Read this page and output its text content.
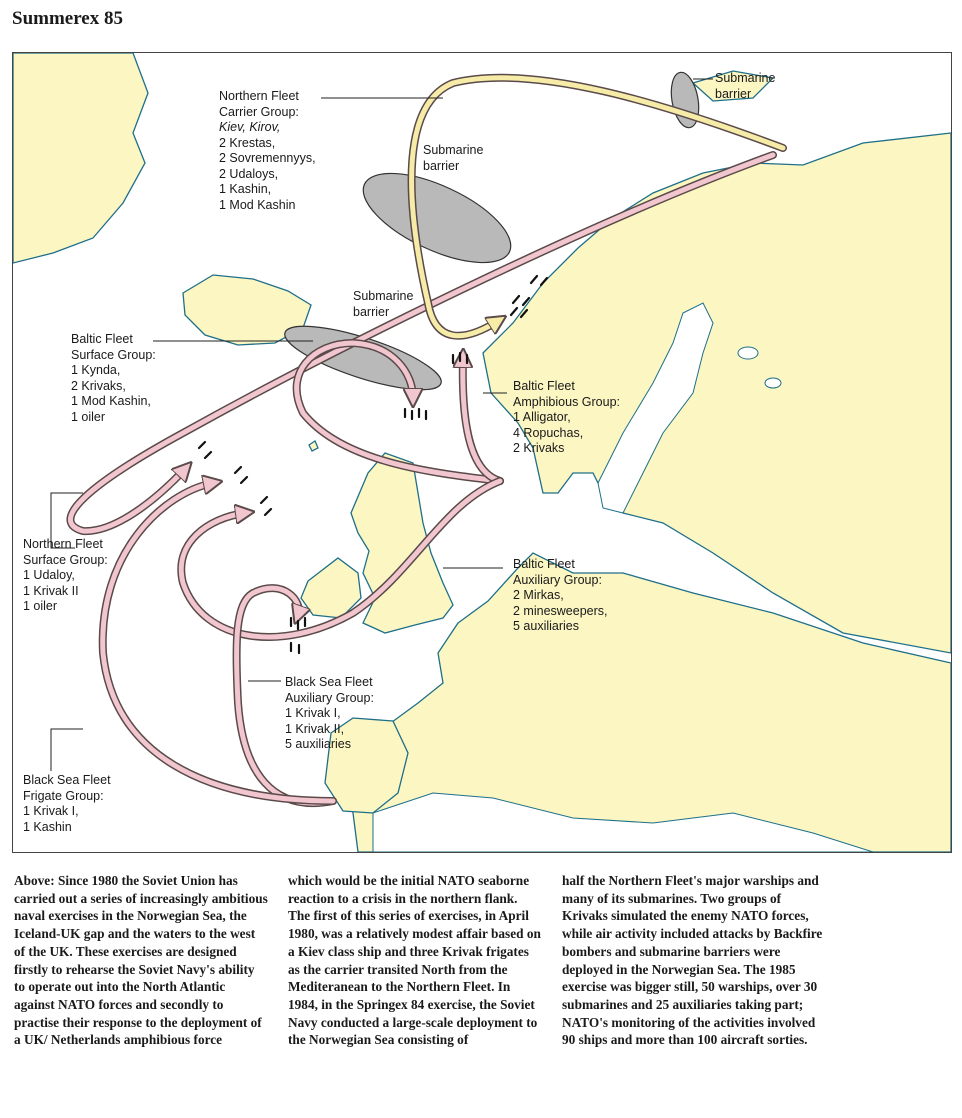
Summerex 85
Northern Fleet
Carrier Group:
Kiev, Kirov,
2 Krestas,
2 Sovremennyys,
2 Udaloys,
1 Kashin,
1 Mod Kashin
Submarine
barrier
Submarine
barrier
Submarine
barrier
Baltic Fleet
Surface Group:
1 Kynda,
2 Krivaks,
1 Mod Kashin,
1 oiler
Baltic Fleet
Amphibious Group:
1 Alligator,
4 Ropuchas,
2 Krivaks
Northern Fleet
Surface Group:
1 Udaloy,
1 Krivak II
1 oiler
Baltic Fleet
Auxiliary Group:
2 Mirkas,
2 minesweepers,
5 auxiliaries
Black Sea Fleet
Auxiliary Group:
1 Krivak I,
1 Krivak II,
5 auxiliaries
Black Sea Fleet
Frigate Group:
1 Krivak I,
1 Kashin

Above: Since 1980 the Soviet Union has carried out a series of increasingly ambitious naval exercises in the Norwegian Sea, the Iceland-UK gap and the waters to the west of the UK. These exercises are designed firstly to rehearse the Soviet Navy's ability to operate out into the North Atlantic against NATO forces and secondly to practise their response to the deployment of a UK/ Netherlands amphibious force

which would be the initial NATO seaborne reaction to a crisis in the northern flank. The first of this series of exercises, in April 1980, was a relatively modest affair based on a Kiev class ship and three Krivak frigates as the carrier transited North from the Mediteranean to the Northern Fleet. In 1984, in the Springex 84 exercise, the Soviet Navy conducted a large-scale deployment to the Norwegian Sea consisting of

half the Northern Fleet's major warships and many of its submarines. Two groups of Krivaks simulated the enemy NATO forces, while air activity included attacks by Backfire bombers and submarine barriers were deployed in the Norwegian Sea. The 1985 exercise was bigger still, 50 warships, over 30 submarines and 25 auxiliaries taking part; NATO's monitoring of the activities involved 90 ships and more than 100 aircraft sorties.
